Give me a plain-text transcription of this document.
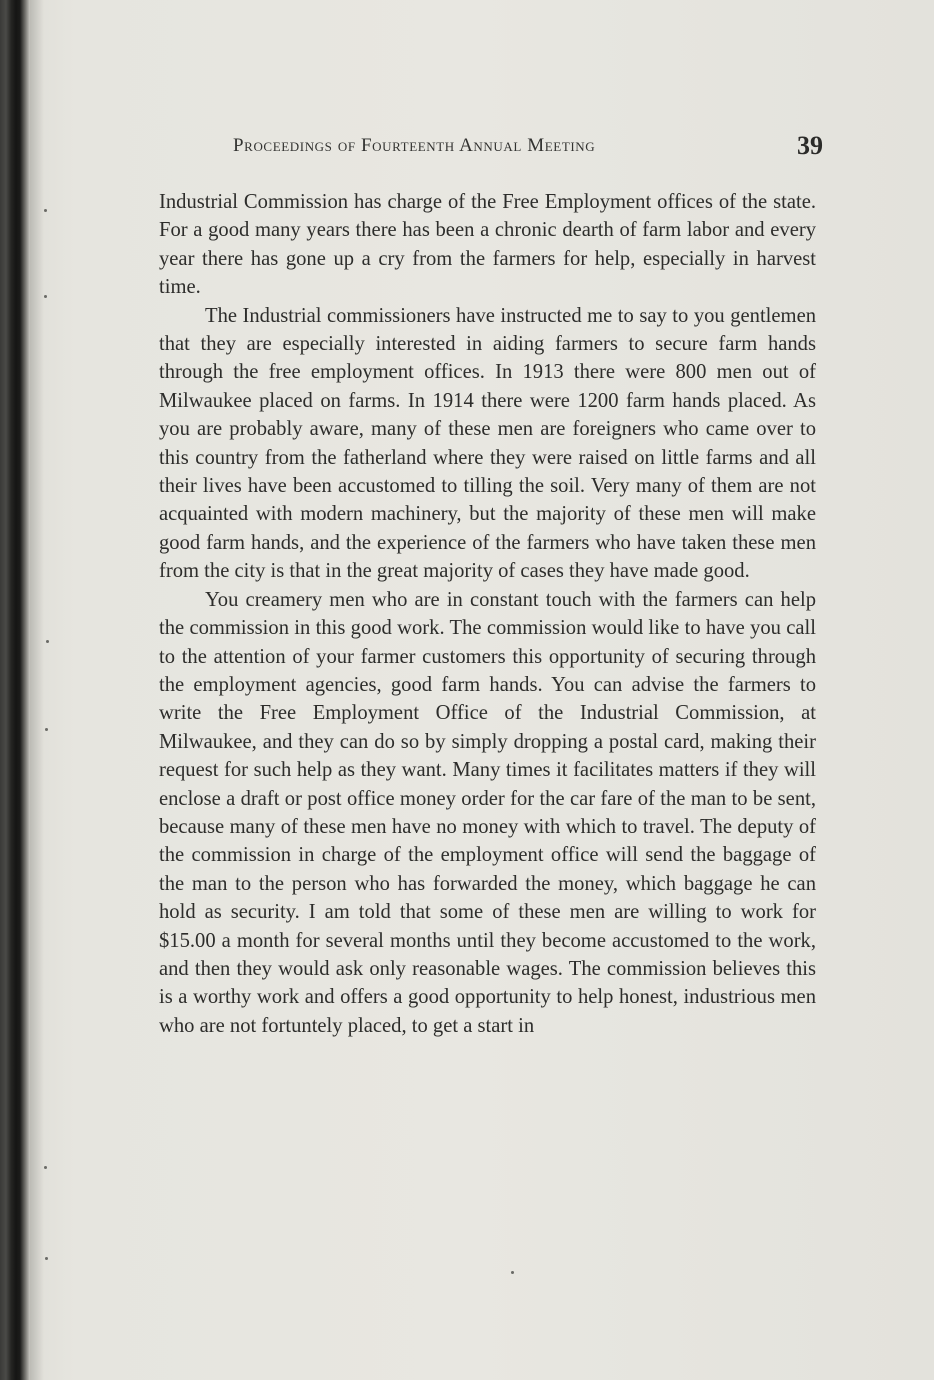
Proceedings of Fourteenth Annual Meeting	39

Industrial Commission has charge of the Free Employment offices of the state. For a good many years there has been a chronic dearth of farm labor and every year there has gone up a cry from the farmers for help, especially in harvest time.

The Industrial commissioners have instructed me to say to you gentlemen that they are especially interested in aiding farmers to secure farm hands through the free employment offices. In 1913 there were 800 men out of Milwaukee placed on farms. In 1914 there were 1200 farm hands placed. As you are probably aware, many of these men are foreigners who came over to this country from the fatherland where they were raised on little farms and all their lives have been accustomed to tilling the soil. Very many of them are not acquainted with modern machinery, but the majority of these men will make good farm hands, and the experience of the farmers who have taken these men from the city is that in the great majority of cases they have made good.

You creamery men who are in constant touch with the farmers can help the commission in this good work. The commission would like to have you call to the attention of your farmer customers this opportunity of securing through the employment agencies, good farm hands. You can advise the farmers to write the Free Employment Office of the Industrial Commission, at Milwaukee, and they can do so by simply dropping a postal card, making their request for such help as they want. Many times it facilitates matters if they will enclose a draft or post office money order for the car fare of the man to be sent, because many of these men have no money with which to travel. The deputy of the commission in charge of the employment office will send the baggage of the man to the person who has forwarded the money, which baggage he can hold as security. I am told that some of these men are willing to work for $15.00 a month for several months until they become accustomed to the work, and then they would ask only reasonable wages. The commission believes this is a worthy work and offers a good opportunity to help honest, industrious men who are not fortuntely placed, to get a start in
